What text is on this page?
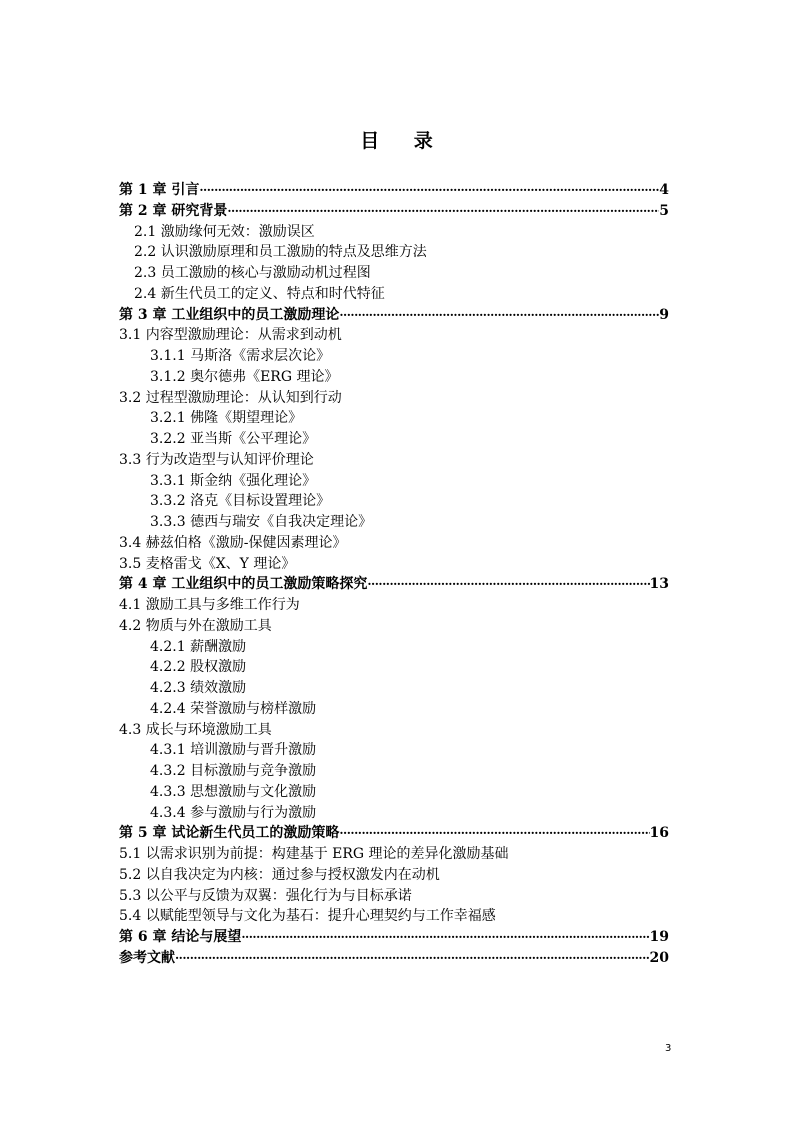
目 录
第 1 章 引言 ·····	4
第 2 章 研究背景 ·····	5
2.1 激励缘何无效：激励误区
2.2 认识激励原理和员工激励的特点及思维方法
2.3 员工激励的核心与激励动机过程图
2.4 新生代员工的定义、特点和时代特征
第 3 章 工业组织中的员工激励理论 ·····	9
3.1 内容型激励理论：从需求到动机
3.1.1 马斯洛《需求层次论》
3.1.2 奥尔德弗《ERG 理论》
3.2 过程型激励理论：从认知到行动
3.2.1 佛隆《期望理论》
3.2.2 亚当斯《公平理论》
3.3 行为改造型与认知评价理论
3.3.1 斯金纳《强化理论》
3.3.2 洛克《目标设置理论》
3.3.3 德西与瑞安《自我决定理论》
3.4 赫兹伯格《激励-保健因素理论》
3.5 麦格雷戈《X、Y 理论》
第 4 章 工业组织中的员工激励策略探究 ·····	13
4.1 激励工具与多维工作行为
4.2 物质与外在激励工具
4.2.1 薪酬激励
4.2.2 股权激励
4.2.3 绩效激励
4.2.4 荣誉激励与榜样激励
4.3 成长与环境激励工具
4.3.1 培训激励与晋升激励
4.3.2 目标激励与竞争激励
4.3.3 思想激励与文化激励
4.3.4 参与激励与行为激励
第 5 章 试论新生代员工的激励策略 ·····	16
5.1 以需求识别为前提：构建基于 ERG 理论的差异化激励基础
5.2 以自我决定为内核：通过参与授权激发内在动机
5.3 以公平与反馈为双翼：强化行为与目标承诺
5.4 以赋能型领导与文化为基石：提升心理契约与工作幸福感
第 6 章 结论与展望 ·····	19
参考文献 ·····	20
3
